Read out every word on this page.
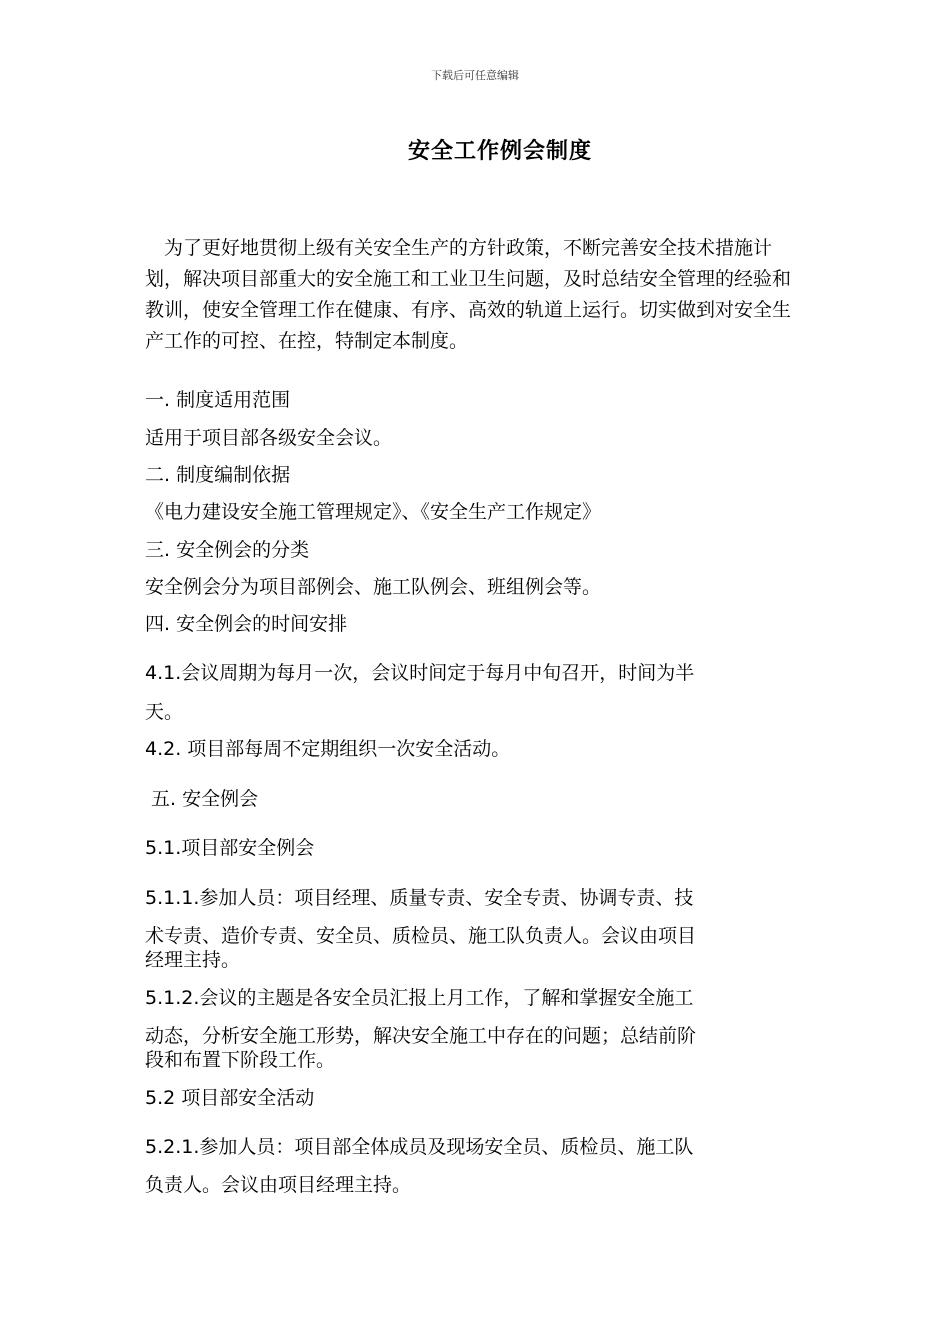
下载后可任意编辑
安全工作例会制度
为了更好地贯彻上级有关安全生产的方针政策，不断完善安全技术措施计划，解决项目部重大的安全施工和工业卫生问题，及时总结安全管理的经验和教训，使安全管理工作在健康、有序、高效的轨道上运行。切实做到对安全生产工作的可控、在控，特制定本制度。
一. 制度适用范围
适用于项目部各级安全会议。
二. 制度编制依据
《电力建设安全施工管理规定》、《安全生产工作规定》
三. 安全例会的分类
安全例会分为项目部例会、施工队例会、班组例会等。
四. 安全例会的时间安排
4.1.会议周期为每月一次，会议时间定于每月中旬召开，时间为半
天。
4.2. 项目部每周不定期组织一次安全活动。
五. 安全例会
5.1.项目部安全例会
5.1.1.参加人员：项目经理、质量专责、安全专责、协调专责、技
术专责、造价专责、安全员、质检员、施工队负责人。会议由项目
经理主持。
5.1.2.会议的主题是各安全员汇报上月工作，了解和掌握安全施工
动态，分析安全施工形势，解决安全施工中存在的问题；总结前阶
段和布置下阶段工作。
5.2 项目部安全活动
5.2.1.参加人员：项目部全体成员及现场安全员、质检员、施工队
负责人。会议由项目经理主持。
